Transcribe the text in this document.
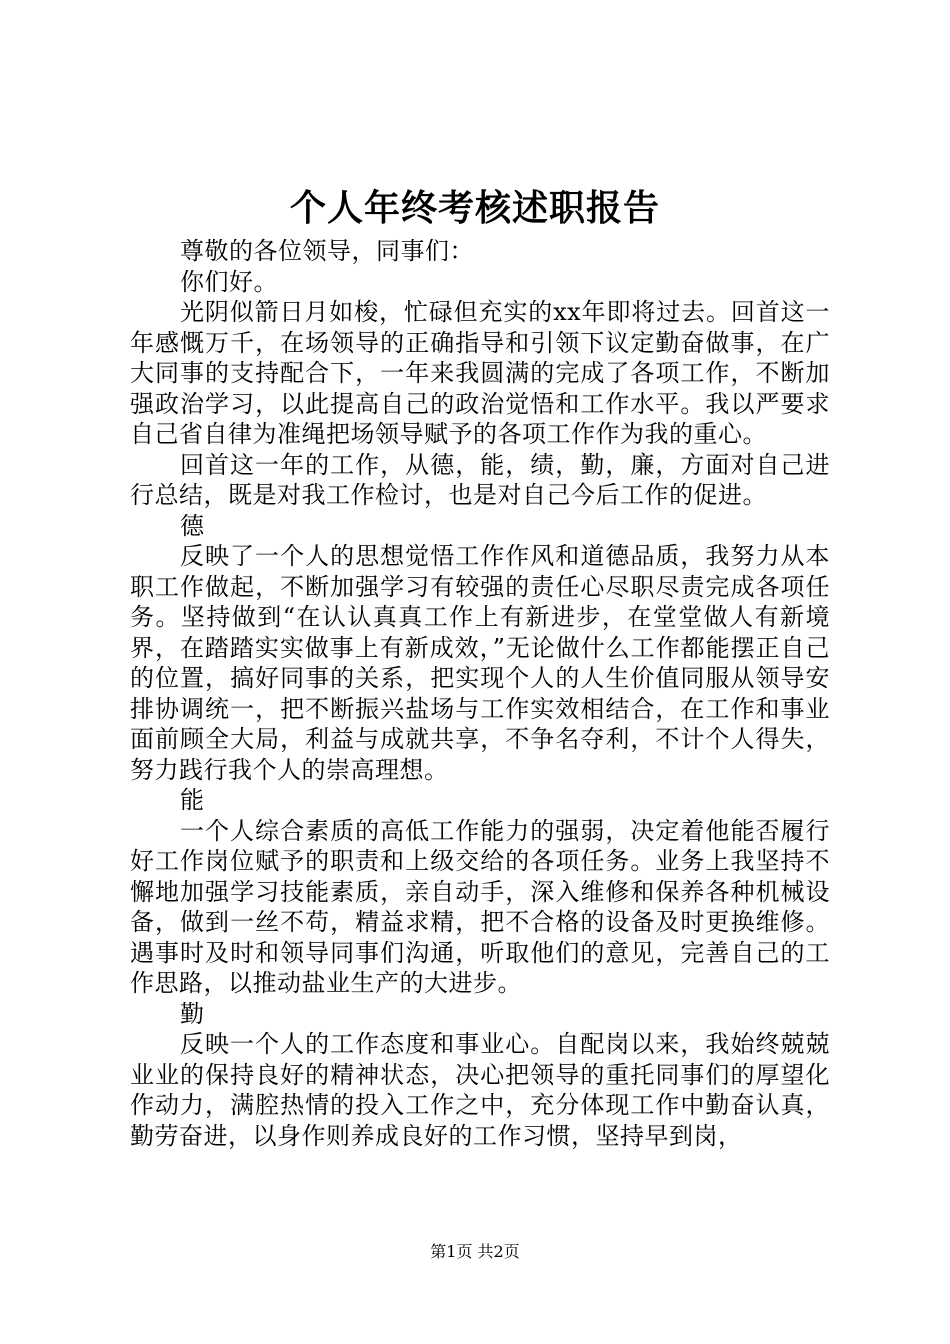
个人年终考核述职报告

尊敬的各位领导，同事们：

你们好。

光阴似箭日月如梭，忙碌但充实的xx年即将过去。回首这一年感慨万千，在场领导的正确指导和引领下议定勤奋做事，在广大同事的支持配合下，一年来我圆满的完成了各项工作，不断加强政治学习，以此提高自己的政治觉悟和工作水平。我以严要求自己省自律为准绳把场领导赋予的各项工作作为我的重心。

回首这一年的工作，从德，能，绩，勤，廉，方面对自己进行总结，既是对我工作检讨，也是对自己今后工作的促进。

德

反映了一个人的思想觉悟工作作风和道德品质，我努力从本职工作做起，不断加强学习有较强的责任心尽职尽责完成各项任务。坚持做到“在认认真真工作上有新进步，在堂堂做人有新境界，在踏踏实实做事上有新成效，”无论做什么工作都能摆正自己的位置，搞好同事的关系，把实现个人的人生价值同服从领导安排协调统一，把不断振兴盐场与工作实效相结合，在工作和事业面前顾全大局，利益与成就共享，不争名夺利，不计个人得失，努力践行我个人的崇高理想。

能

一个人综合素质的高低工作能力的强弱，决定着他能否履行好工作岗位赋予的职责和上级交给的各项任务。业务上我坚持不懈地加强学习技能素质，亲自动手，深入维修和保养各种机械设备，做到一丝不苟，精益求精，把不合格的设备及时更换维修。遇事时及时和领导同事们沟通，听取他们的意见，完善自己的工作思路，以推动盐业生产的大进步。

勤

反映一个人的工作态度和事业心。自配岗以来，我始终兢兢业业的保持良好的精神状态，决心把领导的重托同事们的厚望化作动力，满腔热情的投入工作之中，充分体现工作中勤奋认真，勤劳奋进，以身作则养成良好的工作习惯，坚持早到岗，

第1页 共2页
